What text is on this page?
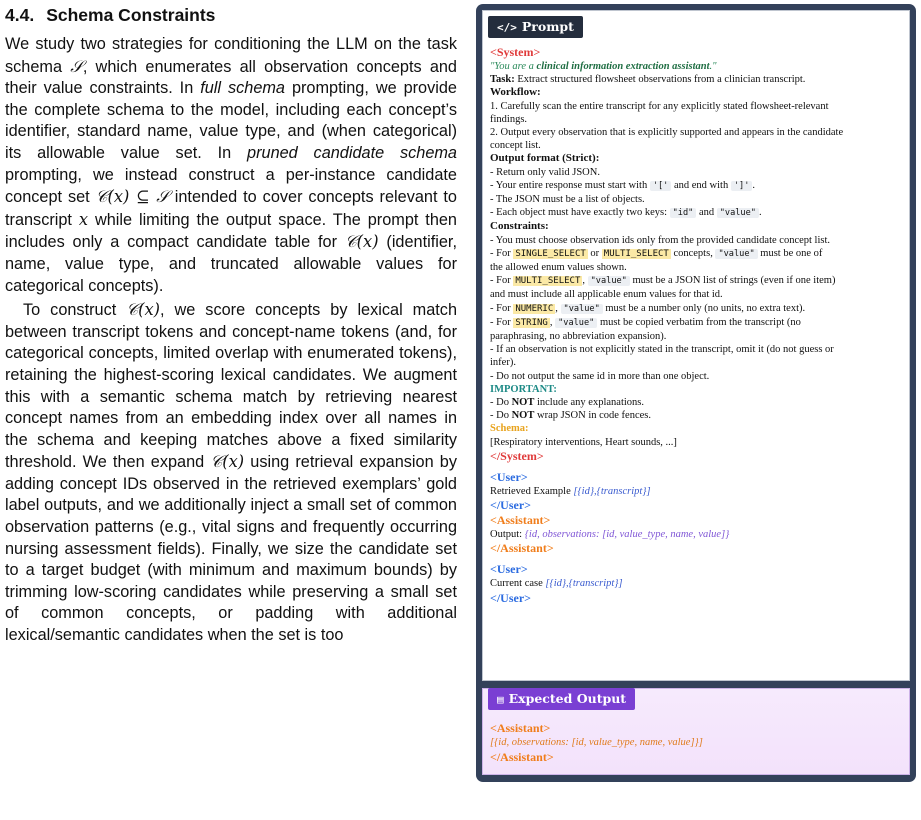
4.4. Schema Constraints

We study two strategies for conditioning the LLM on the task schema 𝒮, which enumerates all observation concepts and their value constraints. In full schema prompting, we provide the complete schema to the model, including each concept’s identifier, standard name, value type, and (when categorical) its allowable value set. In pruned candidate schema prompting, we instead construct a per-instance candidate concept set 𝒞(x) ⊆ 𝒮 intended to cover concepts relevant to transcript x while limiting the output space. The prompt then includes only a compact candidate table for 𝒞(x) (identifier, name, value type, and truncated allowable values for categorical concepts).

To construct 𝒞(x), we score concepts by lexical match between transcript tokens and concept-name tokens (and, for categorical concepts, limited overlap with enumerated tokens), retaining the highest-scoring lexical candidates. We augment this with a semantic schema match by retrieving nearest concept names from an embedding index over all names in the schema and keeping matches above a fixed similarity threshold. We then expand 𝒞(x) using retrieval expansion by adding concept IDs observed in the retrieved exemplars’ gold label outputs, and we additionally inject a small set of common observation patterns (e.g., vital signs and frequently occurring nursing assessment fields). Finally, we size the candidate set to a target budget (with minimum and maximum bounds) by trimming low-scoring candidates while preserving a small set of common concepts, or padding with additional lexical/semantic candidates when the set is too

</> Prompt
<System>
"You are a clinical information extraction assistant."
Task: Extract structured flowsheet observations from a clinician transcript.
Workflow:
1. Carefully scan the entire transcript for any explicitly stated flowsheet-relevant
findings.
2. Output every observation that is explicitly supported and appears in the candidate
concept list.
Output format (Strict):
- Return only valid JSON.
- Your entire response must start with '[' and end with ']' .
- The JSON must be a list of objects.
- Each object must have exactly two keys: "id" and "value" .
Constraints:
- You must choose observation ids only from the provided candidate concept list.
- For SINGLE_SELECT or MULTI_SELECT concepts, "value" must be one of
the allowed enum values shown.
- For MULTI_SELECT , "value" must be a JSON list of strings (even if one item)
and must include all applicable enum values for that id.
- For NUMERIC , "value" must be a number only (no units, no extra text).
- For STRING , "value" must be copied verbatim from the transcript (no
paraphrasing, no abbreviation expansion).
- If an observation is not explicitly stated in the transcript, omit it (do not guess or
infer).
- Do not output the same id in more than one object.
IMPORTANT:
- Do NOT include any explanations.
- Do NOT wrap JSON in code fences.
Schema:
[Respiratory interventions, Heart sounds, ...]
</System>
<User>
Retrieved Example [{id},{transcript}]
</User>
<Assistant>
Output: {id, observations: [id, value_type, name, value]}
</Assistant>
<User>
Current case [{id},{transcript}]
</User>
▤ Expected Output
<Assistant>
[{id, observations: [id, value_type, name, value]}]
</Assistant>
